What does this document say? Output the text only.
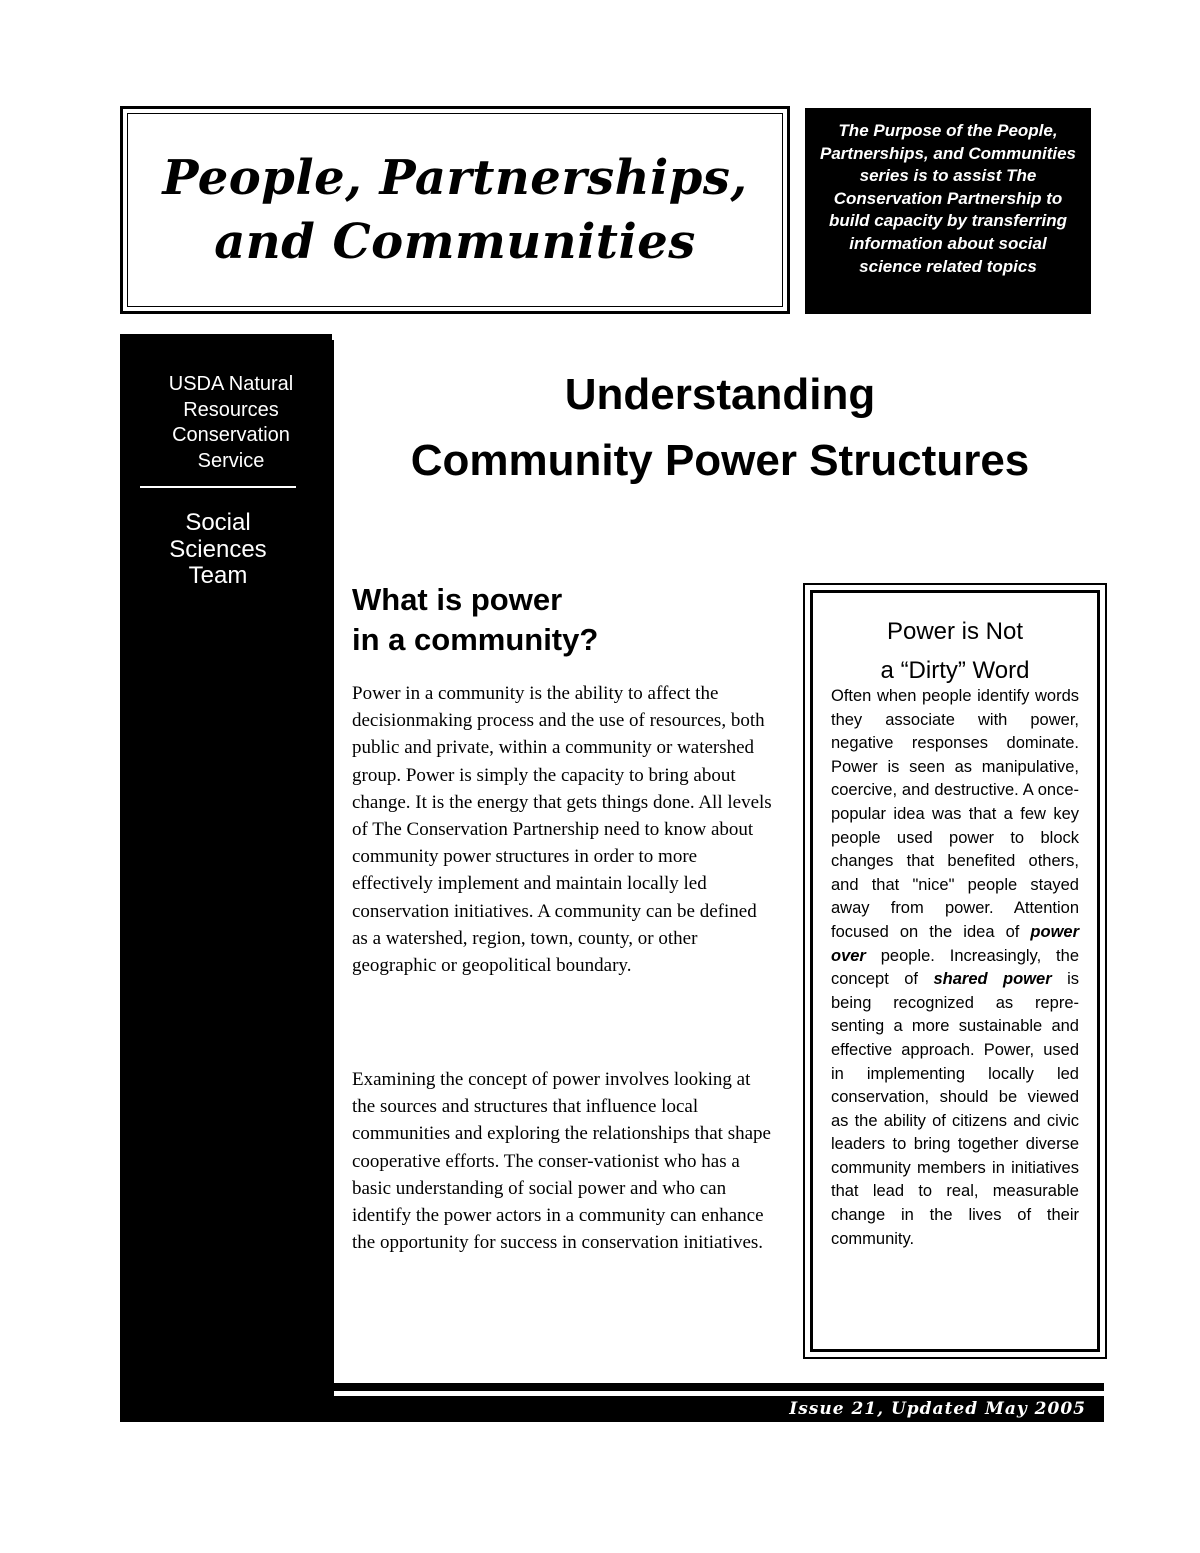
People, Partnerships,
and Communities
The Purpose of the People, Partnerships, and Communities series is to assist The Conservation Partnership to build capacity by transferring information about social science related topics
USDA Natural
Resources
Conservation
Service
Social
Sciences
Team
Understanding
Community Power Structures
What is power
in a community?

Power in a community is the ability to affect the decisionmaking process and the use of resources, both public and private, within a community or watershed group. Power is simply the capacity to bring about change. It is the energy that gets things done. All levels of The Conservation Partnership need to know about community power structures in order to more effectively implement and maintain locally led conservation initiatives. A community can be defined as a watershed, region, town, county, or other geographic or geopolitical boundary.

Examining the concept of power involves looking at the sources and structures that influence local communities and exploring the relationships that shape cooperative efforts. The conser-vationist who has a basic understanding of social power and who can identify the power actors in a community can enhance the opportunity for success in conservation initiatives.

Power is Not
a “Dirty” Word

Often when people identify words they associate with power, negative responses dominate. Power is seen as manipulative, coercive, and destructive. A once-popular idea was that a few key people used power to block changes that benefited others, and that "nice" people stayed away from power. Attention focused on the idea of power over people. Increasingly, the concept of shared power is being recognized as repre-senting a more sustainable and effective approach. Power, used in implementing locally led conservation, should be viewed as the ability of citizens and civic leaders to bring together diverse community members in initiatives that lead to real, measurable change in the lives of their community.

Issue 21, Updated May 2005
